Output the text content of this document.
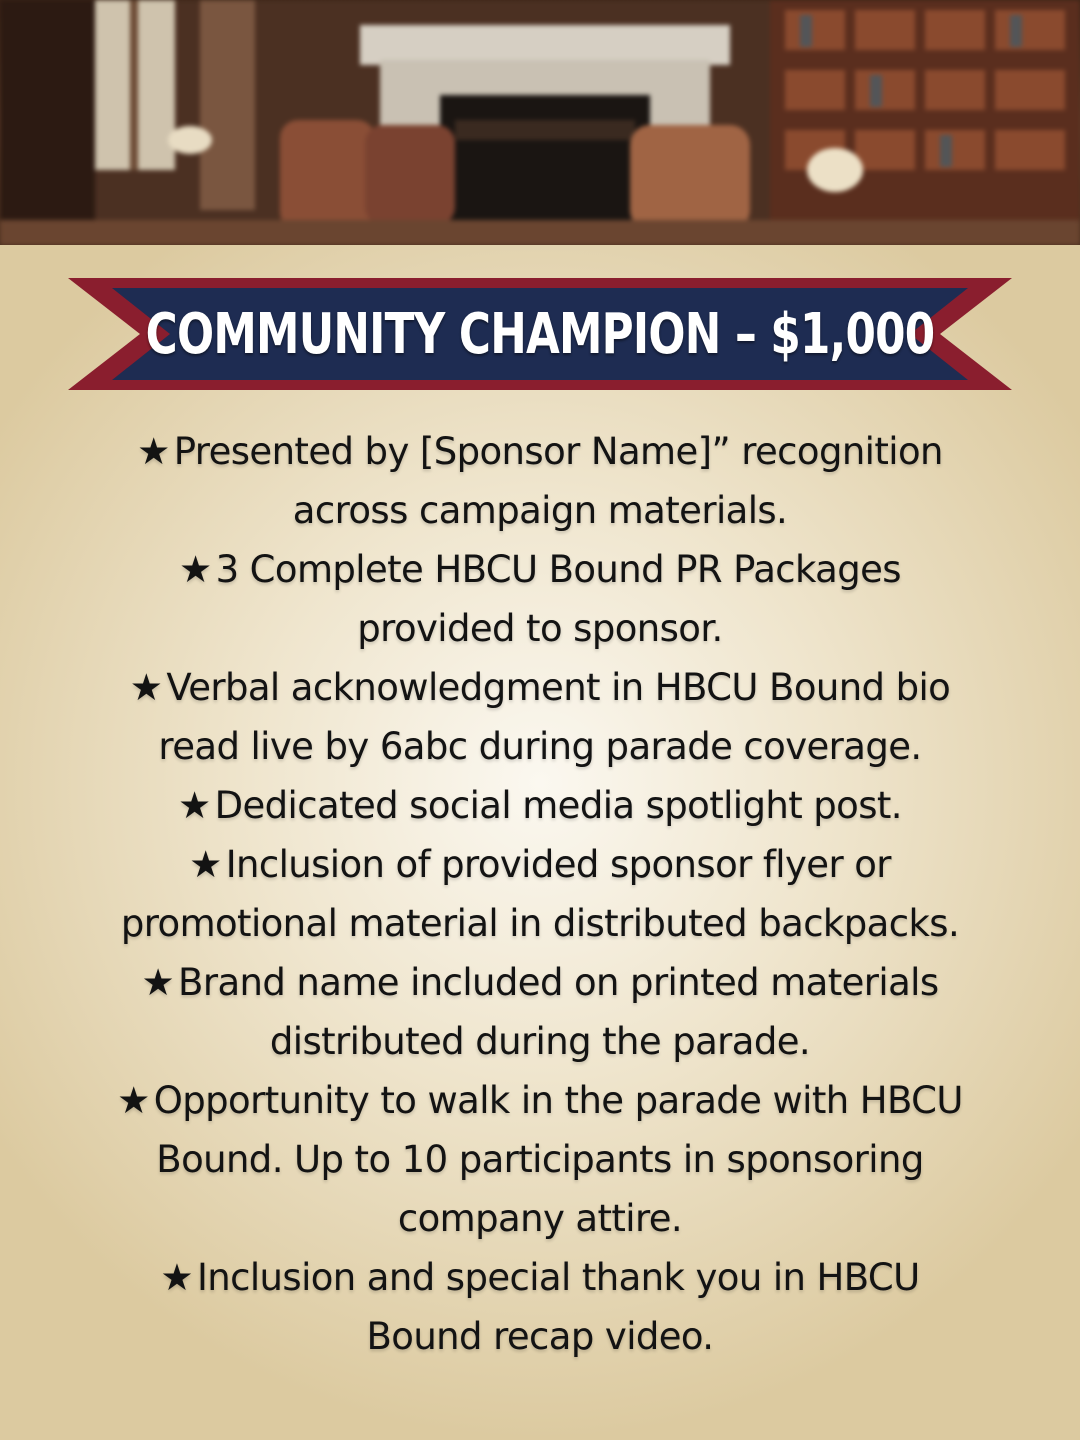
COMMUNITY CHAMPION – $1,000
★ Presented by [Sponsor Name]” recognition across campaign materials.
★ 3 Complete HBCU Bound PR Packages provided to sponsor.
★ Verbal acknowledgment in HBCU Bound bio read live by 6abc during parade coverage.
★ Dedicated social media spotlight post.
★ Inclusion of provided sponsor flyer or promotional material in distributed backpacks.
★ Brand name included on printed materials distributed during the parade.
★ Opportunity to walk in the parade with HBCU Bound. Up to 10 participants in sponsoring company attire.
★ Inclusion and special thank you in HBCU Bound recap video.
